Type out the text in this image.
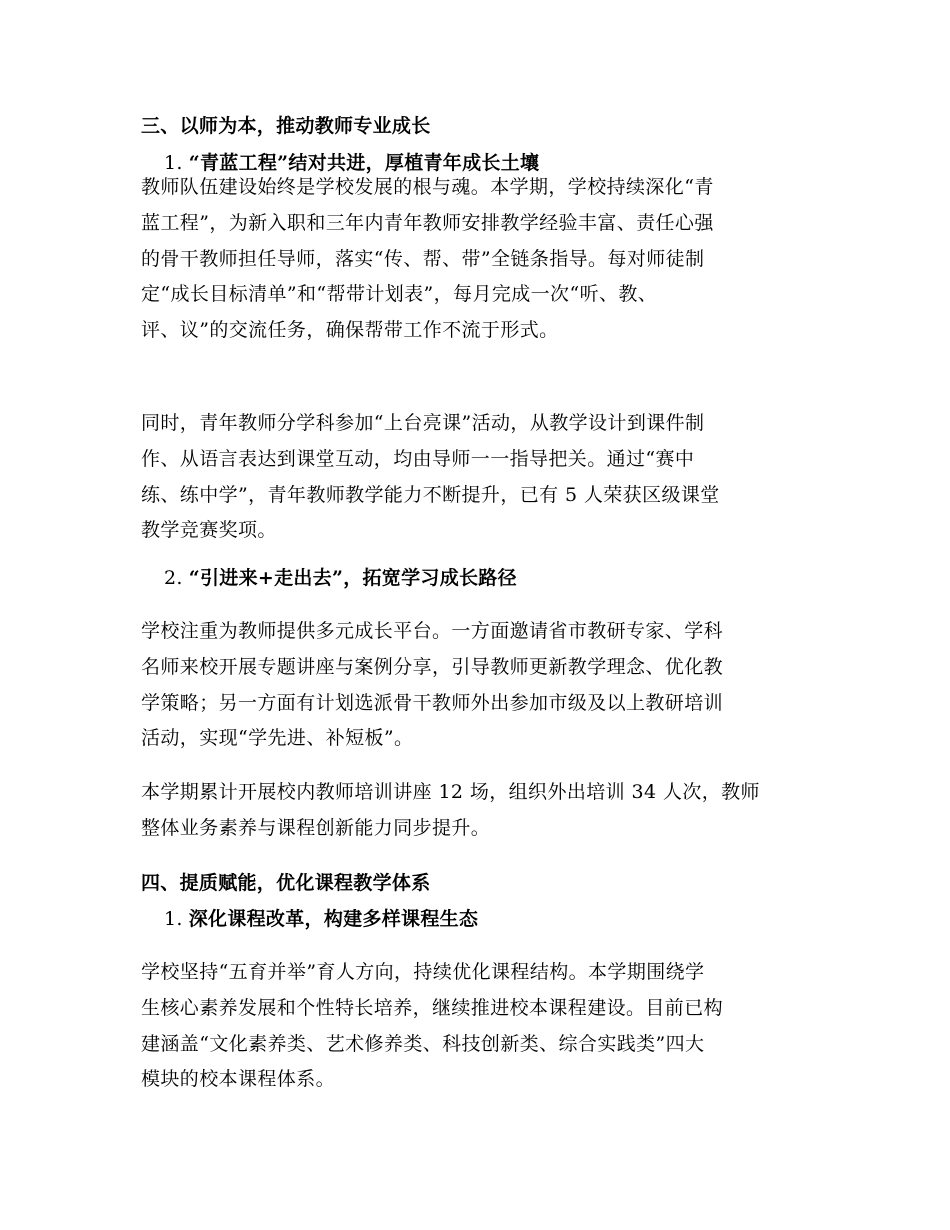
三、以师为本，推动教师专业成长
1. “青蓝工程”结对共进，厚植青年成长土壤
教师队伍建设始终是学校发展的根与魂。本学期，学校持续深化“青
蓝工程”，为新入职和三年内青年教师安排教学经验丰富、责任心强
的骨干教师担任导师，落实“传、帮、带”全链条指导。每对师徒制
定“成长目标清单”和“帮带计划表”，每月完成一次“听、教、
评、议”的交流任务，确保帮带工作不流于形式。
同时，青年教师分学科参加“上台亮课”活动，从教学设计到课件制
作、从语言表达到课堂互动，均由导师一一指导把关。通过“赛中
练、练中学”，青年教师教学能力不断提升，已有 5 人荣获区级课堂
教学竞赛奖项。
2. “引进来+走出去”，拓宽学习成长路径
学校注重为教师提供多元成长平台。一方面邀请省市教研专家、学科
名师来校开展专题讲座与案例分享，引导教师更新教学理念、优化教
学策略；另一方面有计划选派骨干教师外出参加市级及以上教研培训
活动，实现“学先进、补短板”。
本学期累计开展校内教师培训讲座 12 场，组织外出培训 34 人次，教师
整体业务素养与课程创新能力同步提升。
四、提质赋能，优化课程教学体系
1. 深化课程改革，构建多样课程生态
学校坚持“五育并举”育人方向，持续优化课程结构。本学期围绕学
生核心素养发展和个性特长培养，继续推进校本课程建设。目前已构
建涵盖“文化素养类、艺术修养类、科技创新类、综合实践类”四大
模块的校本课程体系。
